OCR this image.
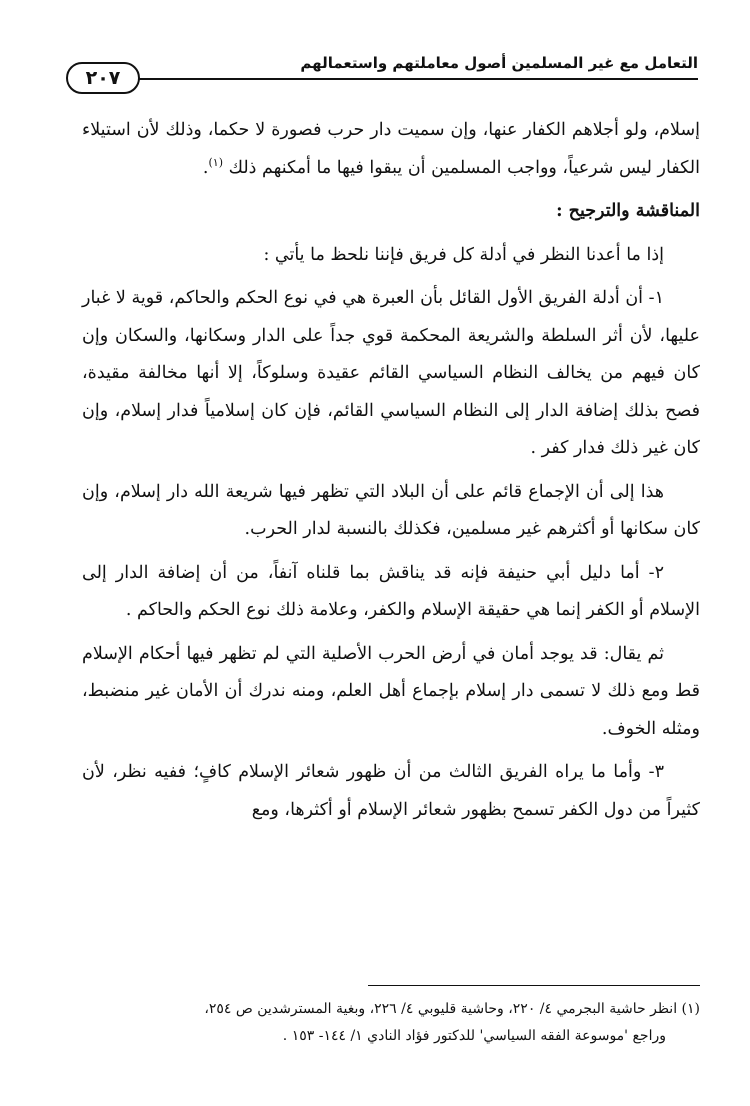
التعامل مع غير المسلمين أصول معاملتهم واستعمالهم
٢٠٧

إسلام، ولو أجلاهم الكفار عنها، وإن سميت دار حرب فصورة لا حكما، وذلك لأن استيلاء الكفار ليس شرعياً، وواجب المسلمين أن يبقوا فيها ما أمكنهم ذلك $^{(١)}$.

المناقشة والترجيح :

إذا ما أعدنا النظر في أدلة كل فريق فإننا نلحظ ما يأتي :

١- أن أدلة الفريق الأول القائل بأن العبرة هي في نوع الحكم والحاكم، قوية لا غبار عليها، لأن أثر السلطة والشريعة المحكمة قوي جداً على الدار وسكانها، والسكان وإن كان فيهم من يخالف النظام السياسي القائم عقيدة وسلوكاً، إلا أنها مخالفة مقيدة، فصح بذلك إضافة الدار إلى النظام السياسي القائم، فإن كان إسلامياً فدار إسلام، وإن كان غير ذلك فدار كفر .

هذا إلى أن الإجماع قائم على أن البلاد التي تظهر فيها شريعة الله دار إسلام، وإن كان سكانها أو أكثرهم غير مسلمين، فكذلك بالنسبة لدار الحرب.

٢- أما دليل أبي حنيفة فإنه قد يناقش بما قلناه آنفاً، من أن إضافة الدار إلى الإسلام أو الكفر إنما هي حقيقة الإسلام والكفر، وعلامة ذلك نوع الحكم والحاكم .

ثم يقال: قد يوجد أمان في أرض الحرب الأصلية التي لم تظهر فيها أحكام الإسلام قط ومع ذلك لا تسمى دار إسلام بإجماع أهل العلم، ومنه ندرك أن الأمان غير منضبط، ومثله الخوف.

٣- وأما ما يراه الفريق الثالث من أن ظهور شعائر الإسلام كافٍ؛ ففيه نظر، لأن كثيراً من دول الكفر تسمح بظهور شعائر الإسلام أو أكثرها، ومع

(١) انظر حاشية البجرمي ٤/ ٢٢٠، وحاشية قليوبي ٤/ ٢٢٦، وبغية المسترشدين ص ٢٥٤،

وراجع 'موسوعة الفقه السياسي' للدكتور فؤاد النادي ١/ ١٤٤- ١٥٣ .
